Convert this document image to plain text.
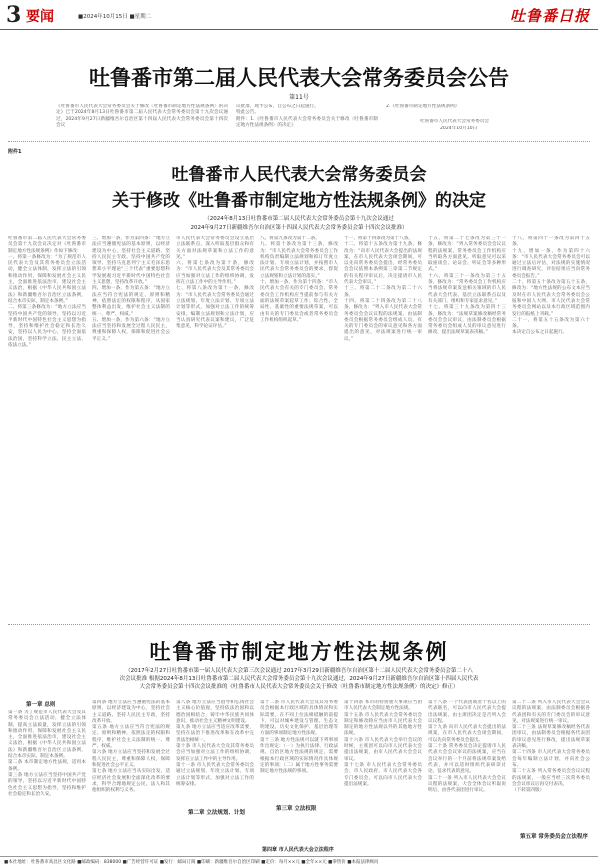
3 要闻	■2024年10月15日 ■星期二	吐鲁番日报
吐鲁番市第二届人民代表大会常务委员会公告
第11号
《吐鲁番市人民代表大会常务委员会关于修改〈吐鲁番市制定地方性法规条例〉的决定》已于2024年8月13日吐鲁番市第二届人民代表大会常务委员会第十九次会议通过，2024年9月27日新疆维吾尔自治区第十四届人民代表大会常务委员会第十四次会议
议批准，现予公布，自公布之日起施行。
特此公告。
附件：1.《吐鲁番市人民代表大会常务委员会关于修改〈吐鲁番市制定地方性法规条例〉的决定》
2.《吐鲁番市制定地方性法规条例》
吐鲁番市人民代表大会常务委员会
2024年10月10日
附件1
吐鲁番市人民代表大会常务委员会
关于修改《吐鲁番市制定地方性法规条例》的决定
（2024年8月13日吐鲁番市第二届人民代表大会常务委员会第十九次会议通过
2024年9月27日新疆维吾尔自治区第十四届人民代表大会常务委员会第十四次会议批准）
吐鲁番市第二届人民代表大会常务委员会第十九次会议决定对《吐鲁番市制定地方性法规条例》作如下修改：
一、将第一条修改为：“为了规范市人民代表大会及其常务委员会立法活动，健全立法体制，发挥立法的引领和推动作用，保障和发展社会主义民主，全面推进依法治市，建设社会主义法治，根据《中华人民共和国立法法》和新疆维吾尔自治区立法条例，结合本市实际，制定本条例。”
二、将第三条修改为：“地方立法应当坚持中国共产党的领导，坚持以习近平新时代中国特色社会主义思想为指导，坚持和维护社会稳定和长治久安，坚持以人民为中心，坚持全面依法治国，坚持科学立法、民主立法、依法立法。”
三、增加一条，作为第四条：“地方立法应当遵循宪法的基本原则，以经济建设为中心，坚持社会主义道路、坚持人民民主专政、坚持中国共产党的领导、坚持马克思列宁主义毛泽东思想邓小平理论“三个代表”重要思想科学发展观习近平新时代中国特色社会主义思想，坚持改革开放。”
四、增加一条，作为第五条：“地方立法应当符合宪法的规定、原则和精神，依照法定的权限和程序，从国家整体利益出发，维护社会主义法制的统一、尊严、权威。”
五、增加一条，作为第六条：“地方立法应当坚持和发展全过程人民民主，尊重和保障人权，保障和促进社会公平正义。”
市人民代表大会常务委员会设立基层立法联系点，深入听取基层群众和有关方面对法规草案和立法工作的意见。”
六、将第七条改为第十条，修改为：“市人民代表大会及其常务委员会应当加强对立法工作的组织协调，发挥在立法工作中的主导作用。”
七、将第八条改为第十一条，修改为：“市人民代表大会常务委员会通过立法规划、年度立法计划、专项立法计划等形式，加强对立法工作的统筹安排。编制立法规划和立法计划，应当认真研究代表议案和建议，广泛征集意见，科学论证评估。”
八、将第九条改为第十二条。
九、将第十条改为第十三条，修改为：“市人民代表大会常务委员会工作机构负责编制立法规划和拟订年度立法计划、专项立法计划，并按照市人民代表大会常务委员会的要求，督促立法规划和立法计划的落实。”
十、增加一条，作为第十四条：“市人民代表大会有关的专门委员会、常务委员会工作机构应当提前参与有关方面的法规草案起草工作；综合性、全局性、基础性的重要法规草案，可以由有关的专门委员会或者常务委员会工作机构组织起草。”
十一、将第十四条改为第十八条。
十二、将第十五条改为第十九条，修改为：“向市人民代表大会提出的法规案，在市人民代表大会闭会期间，可以先向常务委员会提出，经常务委员会会议依照本条例第三章第二节规定的有关程序审议后，决定提请市人民代表大会审议。”
十三、将第二十二条改为第二十六条。
十四、将第二十四条改为第二十八条，修改为：“列入市人民代表大会常务委员会会议议程的法规案，由法制委员会根据常务委员会组成人员、有关的专门委员会的审议意见和各方面提出的意见，对法规案进行统一审议。”
十五、将第二十七条改为第三十一条，修改为：“列入常务委员会会议议程的法规案，常务委员会工作机构应当听取各方面意见。听取意见可以采取座谈会、论证会、听证会等多种形式。”
十六、将第三十一条改为第三十五条，修改为：“常务委员会工作机构应当将法规草案发送相关领域的市人民代表大会代表、基层立法联系点以及有关部门、组织和专家征求意见。”
十七、将第三十九条改为第四十三条，修改为：“法规草案修改稿经常务委员会会议审议，由法制委员会根据常务委员会组成人员的审议意见进行修改，提出法规草案表决稿。”
十八、将第四十一条改为第四十五条。
十九、增加一条，作为第四十六条：“市人民代表大会常务委员会可以通过立法后评估，对法规的实施情况进行调查研究，评估结果应当向常务委员会报告。”
二十、将第五十条改为第五十五条，修改为：“地方性法规的公布文本应当及时在市人民代表大会常务委员会公报和中国人大网、市人民代表大会常务委员会网站以及本行政区域范围内发行的报纸上刊载。”
二十一、将第五十五条改为第六十条。
本决定自公布之日起施行。
吐鲁番市制定地方性法规条例
（2017年2月27日吐鲁番市第一届人民代表大会第三次会议通过 2017年3月29日新疆维吾尔自治区第十二届人民代表大会常务委员会第二十八
次会议批准 根据2024年8月13日吐鲁番市第二届人民代表大会常务委员会第十九次会议通过，2024年9月27日新疆维吾尔自治区第十四届人民代表
大会常务委员会第十四次会议批准的《吐鲁番市人民代表大会常务委员会关于修改〈吐鲁番市制定地方性法规条例〉的决定》修正）
第一章 总则
第一条 为了规范市人民代表大会及其常务委员会立法活动，健全立法体制，提高立法质量，发挥立法的引领和推动作用，保障和发展社会主义民主，全面推进依法治市，建设社会主义法治，根据《中华人民共和国立法法》和新疆维吾尔自治区立法条例，结合本市实际，制定本条例。
第二条 本市制定地方性法规，适用本条例。
第三条 地方立法应当坚持中国共产党的领导，坚持以习近平新时代中国特色社会主义思想为指导，坚持和维护社会稳定和长治久安。
第四条 地方立法应当遵循宪法的基本原则，以经济建设为中心，坚持社会主义道路、坚持人民民主专政，坚持改革开放。
第五条 地方立法应当符合宪法的规定、原则和精神，依照法定的权限和程序，维护社会主义法制的统一、尊严、权威。
第六条 地方立法应当坚持和发展全过程人民民主，尊重和保障人权，保障和促进社会公平正义。
第七条 地方立法应当从实际出发，适应经济社会发展和全面深化改革的要求，科学合理地规定公民、法人和其他组织的权利与义务。
第八条 地方立法应当倡导和弘扬社会主义核心价值观，坚持依法治国和以德治国相结合，铸牢中华民族共同体意识，推动社会主义精神文明建设。
第九条 地方立法应当适应改革需要，坚持在法治下推进改革和在改革中完善法治相统一。
第十条 市人民代表大会及其常务委员会应当加强对立法工作的组织协调，发挥在立法工作中的主导作用。
第十一条 市人民代表大会常务委员会通过立法规划、年度立法计划、专项立法计划等形式，加强对立法工作的统筹安排。
第二章 立法规划、计划
第十二条 市人民代表大会及其常务委员会根据本行政区域的具体情况和实际需要，在不同上位法相抵触的前提下，可以对城乡建设与管理、生态文明建设、历史文化保护、基层治理等方面的事项制定地方性法规。
第十三条 地方性法规可以就下列事项作出规定：（一）为执行法律、行政法规、自治区地方性法规的规定，需要根据本行政区域的实际情况作具体规定的事项；（二）属于地方性事务需要制定地方性法规的事项。
第三章 立法权限
第四章 市人民代表大会立法程序
第十四条 本市的特别重大事项应当由市人民代表大会制定地方性法规。
第十五条 市人民代表大会常务委员会制定和修改除应当由市人民代表大会制定的地方性法规以外的其他地方性法规。
第十六条 市人民代表大会举行会议的时候，主席团可以向市人民代表大会提出法规案，由市人民代表大会会议审议。
第十七条 市人民代表大会常务委员会、市人民政府、市人民代表大会各专门委员会，可以向市人民代表大会提出法规案。
第十八条 一个代表团或者十名以上的代表联名，可以向市人民代表大会提出法规案，由主席团决定是否列入会议议程。
第十九条 向市人民代表大会提出的法规案，在市人民代表大会闭会期间，可以先向常务委员会提出。
第二十条 常务委员会决定提请市人民代表大会会议审议的法规案，应当在会议举行的一个月前将法规草案发给代表，并可以适时组织代表研读讨论，征求代表的意见。
第二十一条 列入市人民代表大会会议议程的法规案，大会全体会议听取说明后，由各代表团进行审议。
第二十二条 列入市人民代表大会会议议程的法规案，由法制委员会根据各代表团和有关的专门委员会的审议意见，对法规案进行统一审议。
第二十三条 法规草案修改稿经各代表团审议，由法制委员会根据各代表团的审议意见进行修改，提出法规草案表决稿。
第二十四条 市人民代表大会常务委员会每年编制立法计划，并向社会公布。
第二十五条 列入常务委员会会议议程的法规案，一般应当经三次常务委员会会议审议后再交付表决。
（下转第四版）
第五章 常务委员会立法程序
■本社地址：吐鲁番市高昌区文化路 ■邮政编码：838000 ■广告经营许可证 ■发行：邮局订阅 ■印刷：新疆维吾尔自治区印刷 ■定价：每月××元 ■全年××元 ■零售价 ■本报法律顾问
